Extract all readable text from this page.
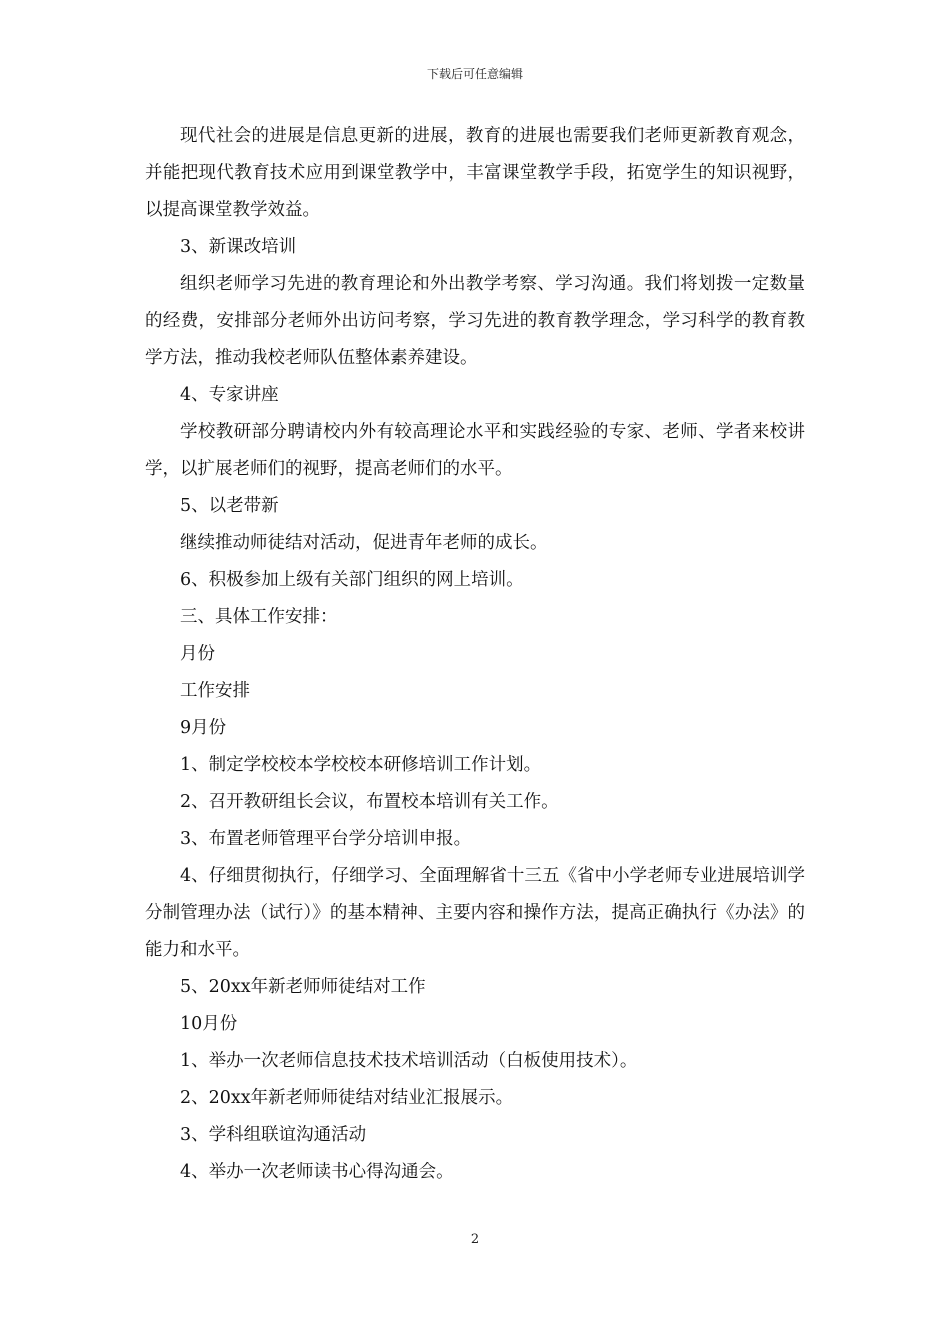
下载后可任意编辑

现代社会的进展是信息更新的进展，教育的进展也需要我们老师更新教育观念，并能把现代教育技术应用到课堂教学中，丰富课堂教学手段，拓宽学生的知识视野，以提高课堂教学效益。

3、新课改培训

组织老师学习先进的教育理论和外出教学考察、学习沟通。我们将划拨一定数量的经费，安排部分老师外出访问考察，学习先进的教育教学理念，学习科学的教育教学方法，推动我校老师队伍整体素养建设。

4、专家讲座

学校教研部分聘请校内外有较高理论水平和实践经验的专家、老师、学者来校讲学，以扩展老师们的视野，提高老师们的水平。

5、以老带新

继续推动师徒结对活动，促进青年老师的成长。

6、积极参加上级有关部门组织的网上培训。

三、具体工作安排：

月份

工作安排

9月份

1、制定学校校本学校校本研修培训工作计划。

2、召开教研组长会议，布置校本培训有关工作。

3、布置老师管理平台学分培训申报。

4、仔细贯彻执行，仔细学习、全面理解省十三五《省中小学老师专业进展培训学分制管理办法（试行）》的基本精神、主要内容和操作方法，提高正确执行《办法》的能力和水平。

5、20xx年新老师师徒结对工作

10月份

1、举办一次老师信息技术技术培训活动（白板使用技术）。

2、20xx年新老师师徒结对结业汇报展示。

3、学科组联谊沟通活动

4、举办一次老师读书心得沟通会。

2
